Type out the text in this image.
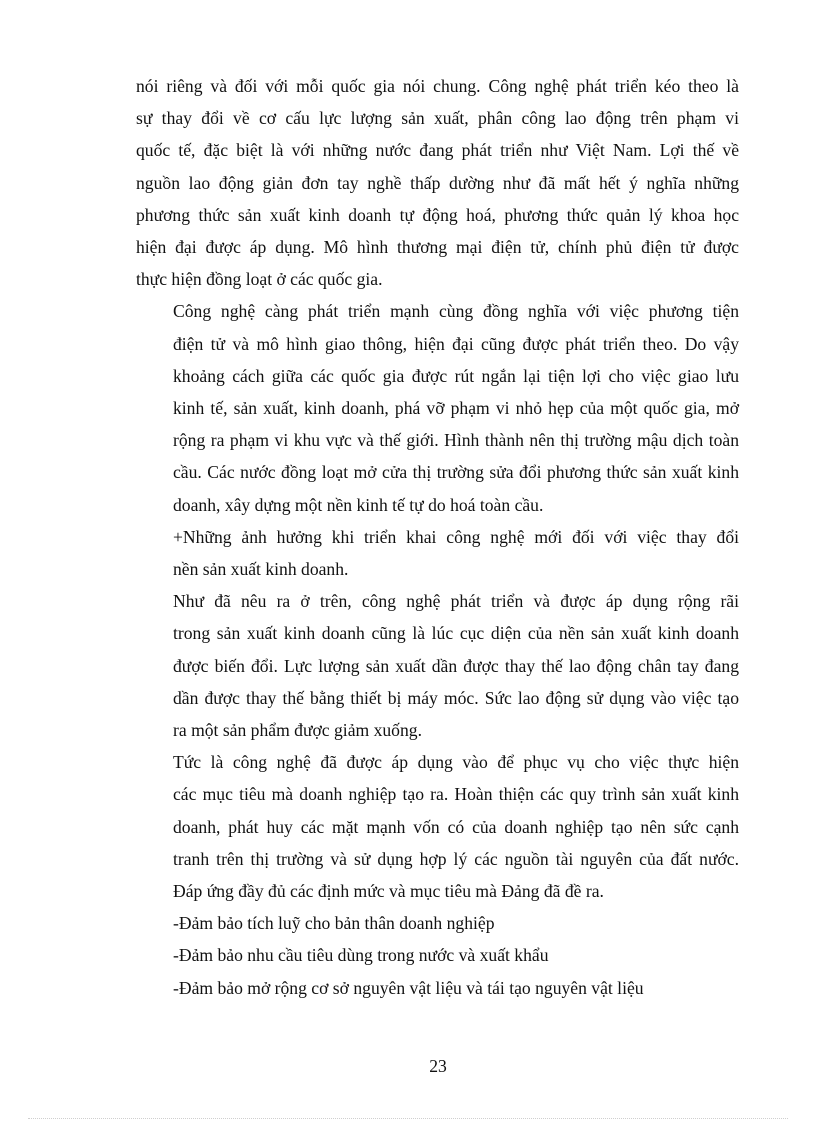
nói riêng và đối với mỗi quốc gia nói chung. Công nghệ phát triển kéo theo là
sự thay đổi về cơ cấu lực lượng sản xuất, phân công lao động trên phạm vi
quốc tế, đặc biệt là với những nước đang phát triển như Việt Nam. Lợi thế về
nguồn lao động giản đơn tay nghề thấp dường như đã mất hết ý nghĩa những
phương thức sản xuất kinh doanh tự động hoá, phương thức quản lý khoa học
hiện đại được áp dụng. Mô hình thương mại điện tử, chính phủ điện tử được
thực hiện đồng loạt ở các quốc gia.

Công nghệ càng phát triển mạnh cùng đồng nghĩa với việc phương tiện
điện tử và mô hình giao thông, hiện đại cũng được phát triển theo. Do vậy
khoảng cách giữa các quốc gia được rút ngắn lại tiện lợi cho việc giao lưu
kinh tế, sản xuất, kinh doanh, phá vỡ phạm vi nhỏ hẹp của một quốc gia, mở
rộng ra phạm vi khu vực và thế giới. Hình thành nên thị trường mậu dịch toàn
cầu. Các nước đồng loạt mở cửa thị trường sửa đổi phương thức sản xuất kinh
doanh, xây dựng một nền kinh tế tự do hoá toàn cầu.

+Những ảnh hưởng khi triển khai công nghệ mới đối với việc thay đổi
nền sản xuất kinh doanh.

Như đã nêu ra ở trên, công nghệ phát triển và được áp dụng rộng rãi
trong sản xuất kinh doanh cũng là lúc cục diện của nền sản xuất kinh doanh
được biến đổi. Lực lượng sản xuất dần được thay thế lao động chân tay đang
dần được thay thế bằng thiết bị máy móc. Sức lao động sử dụng vào việc tạo
ra một sản phẩm được giảm xuống.

Tức là công nghệ đã được áp dụng vào để phục vụ cho việc thực hiện
các mục tiêu mà doanh nghiệp tạo ra. Hoàn thiện các quy trình sản xuất kinh
doanh, phát huy các mặt mạnh vốn có của doanh nghiệp tạo nên sức cạnh
tranh trên thị trường và sử dụng hợp lý các nguồn tài nguyên của đất nước.
Đáp ứng đầy đủ các định mức và mục tiêu mà Đảng đã đề ra.

-Đảm bảo tích luỹ cho bản thân doanh nghiệp

-Đảm bảo nhu cầu tiêu dùng trong nước và xuất khẩu

-Đảm bảo mở rộng cơ sở nguyên vật liệu và tái tạo nguyên vật liệu

23
